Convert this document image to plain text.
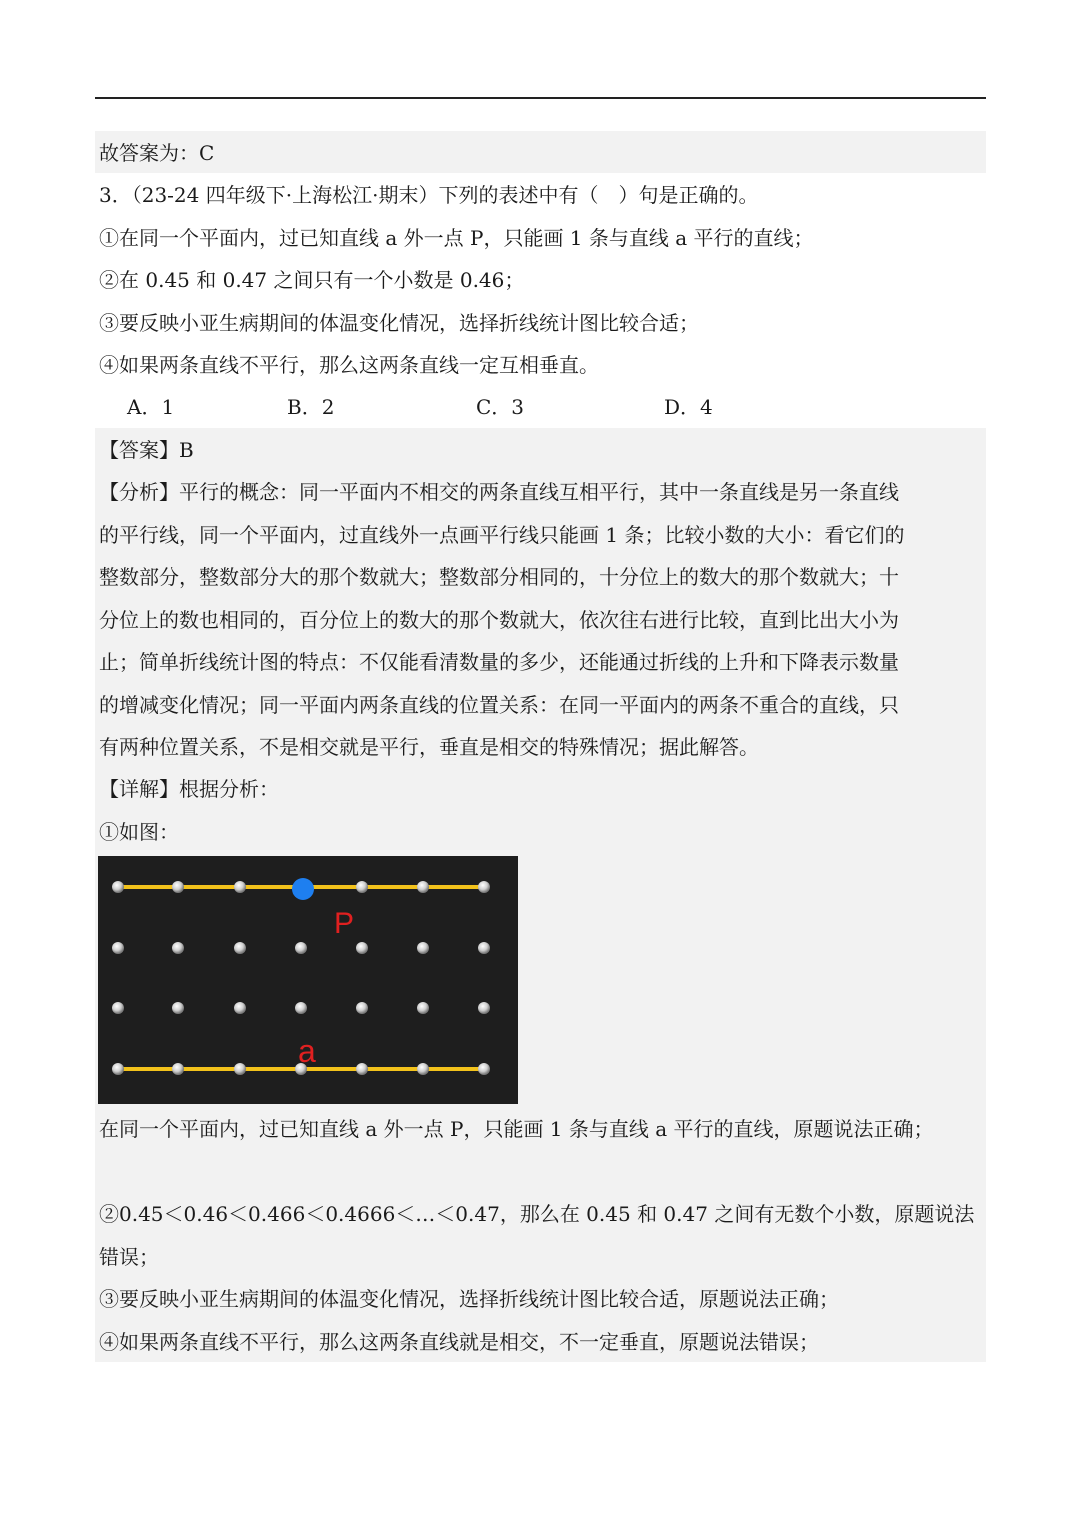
故答案为：C
3．（23-24 四年级下·上海松江·期末）下列的表述中有（　）句是正确的。
①在同一个平面内，过已知直线 a 外一点 P，只能画 1 条与直线 a 平行的直线；
②在 0.45 和 0.47 之间只有一个小数是 0.46；
③要反映小亚生病期间的体温变化情况，选择折线统计图比较合适；
④如果两条直线不平行，那么这两条直线一定互相垂直。
A．1	B．2	C．3	D．4
【答案】B
【分析】平行的概念：同一平面内不相交的两条直线互相平行，其中一条直线是另一条直线
的平行线，同一个平面内，过直线外一点画平行线只能画 1 条；比较小数的大小：看它们的
整数部分，整数部分大的那个数就大；整数部分相同的，十分位上的数大的那个数就大；十
分位上的数也相同的，百分位上的数大的那个数就大，依次往右进行比较，直到比出大小为
止；简单折线统计图的特点：不仅能看清数量的多少，还能通过折线的上升和下降表示数量
的增减变化情况；同一平面内两条直线的位置关系：在同一平面内的两条不重合的直线，只
有两种位置关系，不是相交就是平行，垂直是相交的特殊情况；据此解答。
【详解】根据分析：
①如图：
P
a
在同一个平面内，过已知直线 a 外一点 P，只能画 1 条与直线 a 平行的直线，原题说法正确；
②0.45＜0.46＜0.466＜0.4666＜…＜0.47，那么在 0.45 和 0.47 之间有无数个小数，原题说法
错误；
③要反映小亚生病期间的体温变化情况，选择折线统计图比较合适，原题说法正确；
④如果两条直线不平行，那么这两条直线就是相交，不一定垂直，原题说法错误；
